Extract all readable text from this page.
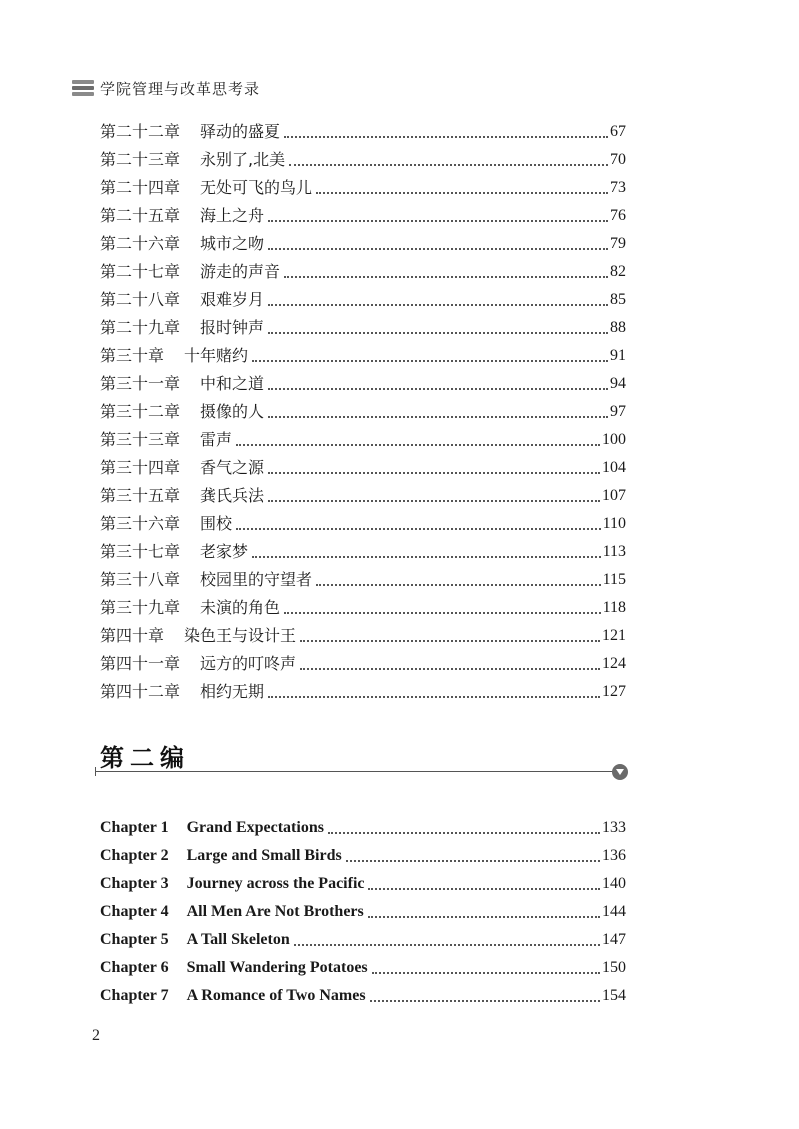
学院管理与改革思考录
第二十二章 驿动的盛夏	67
第二十三章 永别了,北美	70
第二十四章 无处可飞的鸟儿	73
第二十五章 海上之舟	76
第二十六章 城市之吻	79
第二十七章 游走的声音	82
第二十八章 艰难岁月	85
第二十九章 报时钟声	88
第三十章 十年赌约	91
第三十一章 中和之道	94
第三十二章 摄像的人	97
第三十三章 雷声	100
第三十四章 香气之源	104
第三十五章 龚氏兵法	107
第三十六章 围校	110
第三十七章 老家梦	113
第三十八章 校园里的守望者	115
第三十九章 未演的角色	118
第四十章 染色王与设计王	121
第四十一章 远方的叮咚声	124
第四十二章 相约无期	127
第二编
Chapter 1 Grand Expectations	133
Chapter 2 Large and Small Birds	136
Chapter 3 Journey across the Pacific	140
Chapter 4 All Men Are Not Brothers	144
Chapter 5 A Tall Skeleton	147
Chapter 6 Small Wandering Potatoes	150
Chapter 7 A Romance of Two Names	154
2
